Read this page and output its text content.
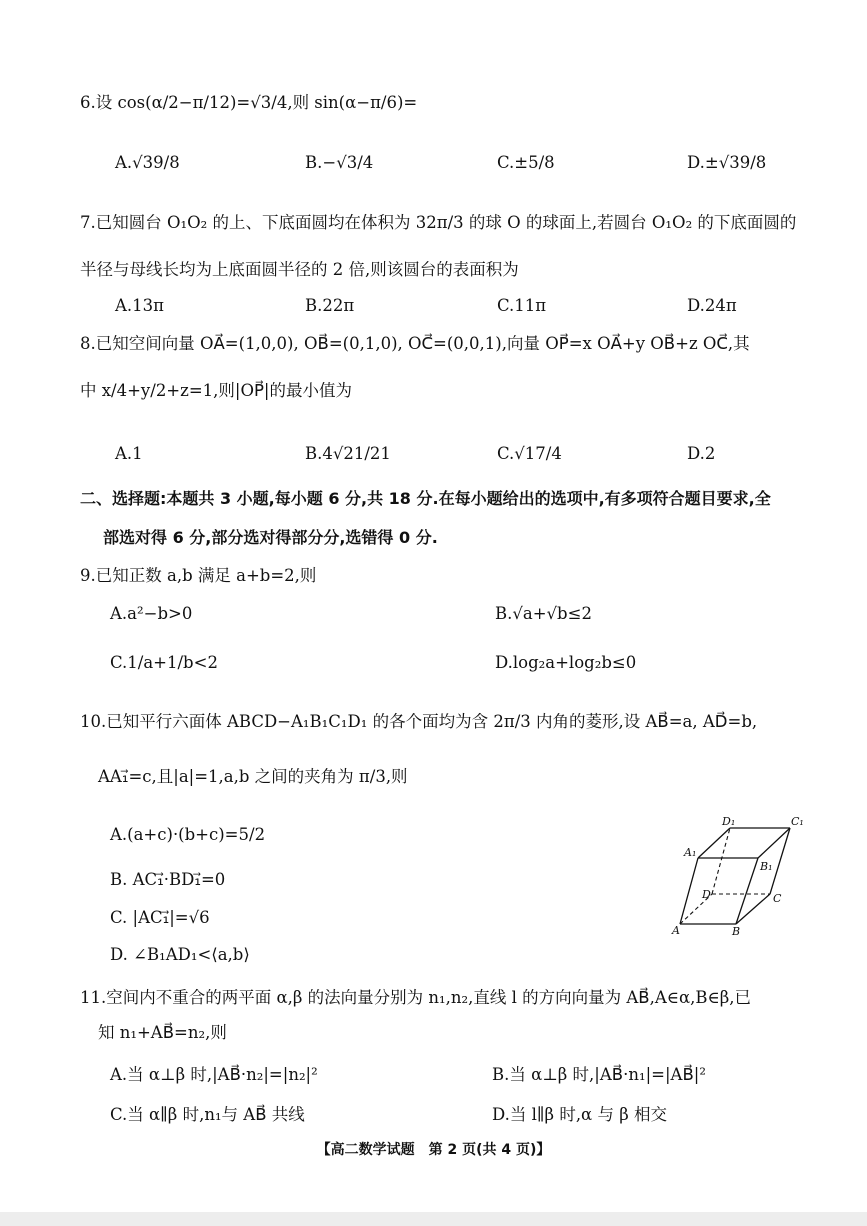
6.设 cos(α/2−π/12)=√3/4,则 sin(α−π/6)=
A.√39/8	B.−√3/4	C.±5/8	D.±√39/8
7.已知圆台 O₁O₂ 的上、下底面圆均在体积为 32π/3 的球 O 的球面上,若圆台 O₁O₂ 的下底面圆的
半径与母线长均为上底面圆半径的 2 倍,则该圆台的表面积为
A.13π	B.22π	C.11π	D.24π
8.已知空间向量 OA⃗=(1,0,0), OB⃗=(0,1,0), OC⃗=(0,0,1),向量 OP⃗=x OA⃗+y OB⃗+z OC⃗,其
中 x/4+y/2+z=1,则|OP⃗|的最小值为
A.1	B.4√21/21	C.√17/4	D.2
二、选择题:本题共 3 小题,每小题 6 分,共 18 分.在每小题给出的选项中,有多项符合题目要求,全
部选对得 6 分,部分选对得部分分,选错得 0 分.
9.已知正数 a,b 满足 a+b=2,则
A.a²−b>0	B.√a+√b≤2
C.1/a+1/b<2	D.log₂a+log₂b≤0
10.已知平行六面体 ABCD−A₁B₁C₁D₁ 的各个面均为含 2π/3 内角的菱形,设 AB⃗=a, AD⃗=b,
AA₁⃗=c,且|a|=1,a,b 之间的夹角为 π/3,则
A.(a+c)·(b+c)=5/2
B. AC₁⃗·BD₁⃗=0
C. |AC₁⃗|=√6
D. ∠B₁AD₁<⟨a,b⟩
D₁	C₁
A₁
B₁
D	C
A	B
11.空间内不重合的两平面 α,β 的法向量分别为 n₁,n₂,直线 l 的方向向量为 AB⃗,A∈α,B∈β,已
知 n₁+AB⃗=n₂,则
A.当 α⊥β 时,|AB⃗·n₂|=|n₂|²	B.当 α⊥β 时,|AB⃗·n₁|=|AB⃗|²
C.当 α∥β 时,n₁与 AB⃗ 共线	D.当 l∥β 时,α 与 β 相交
【高二数学试题　第 2 页(共 4 页)】
